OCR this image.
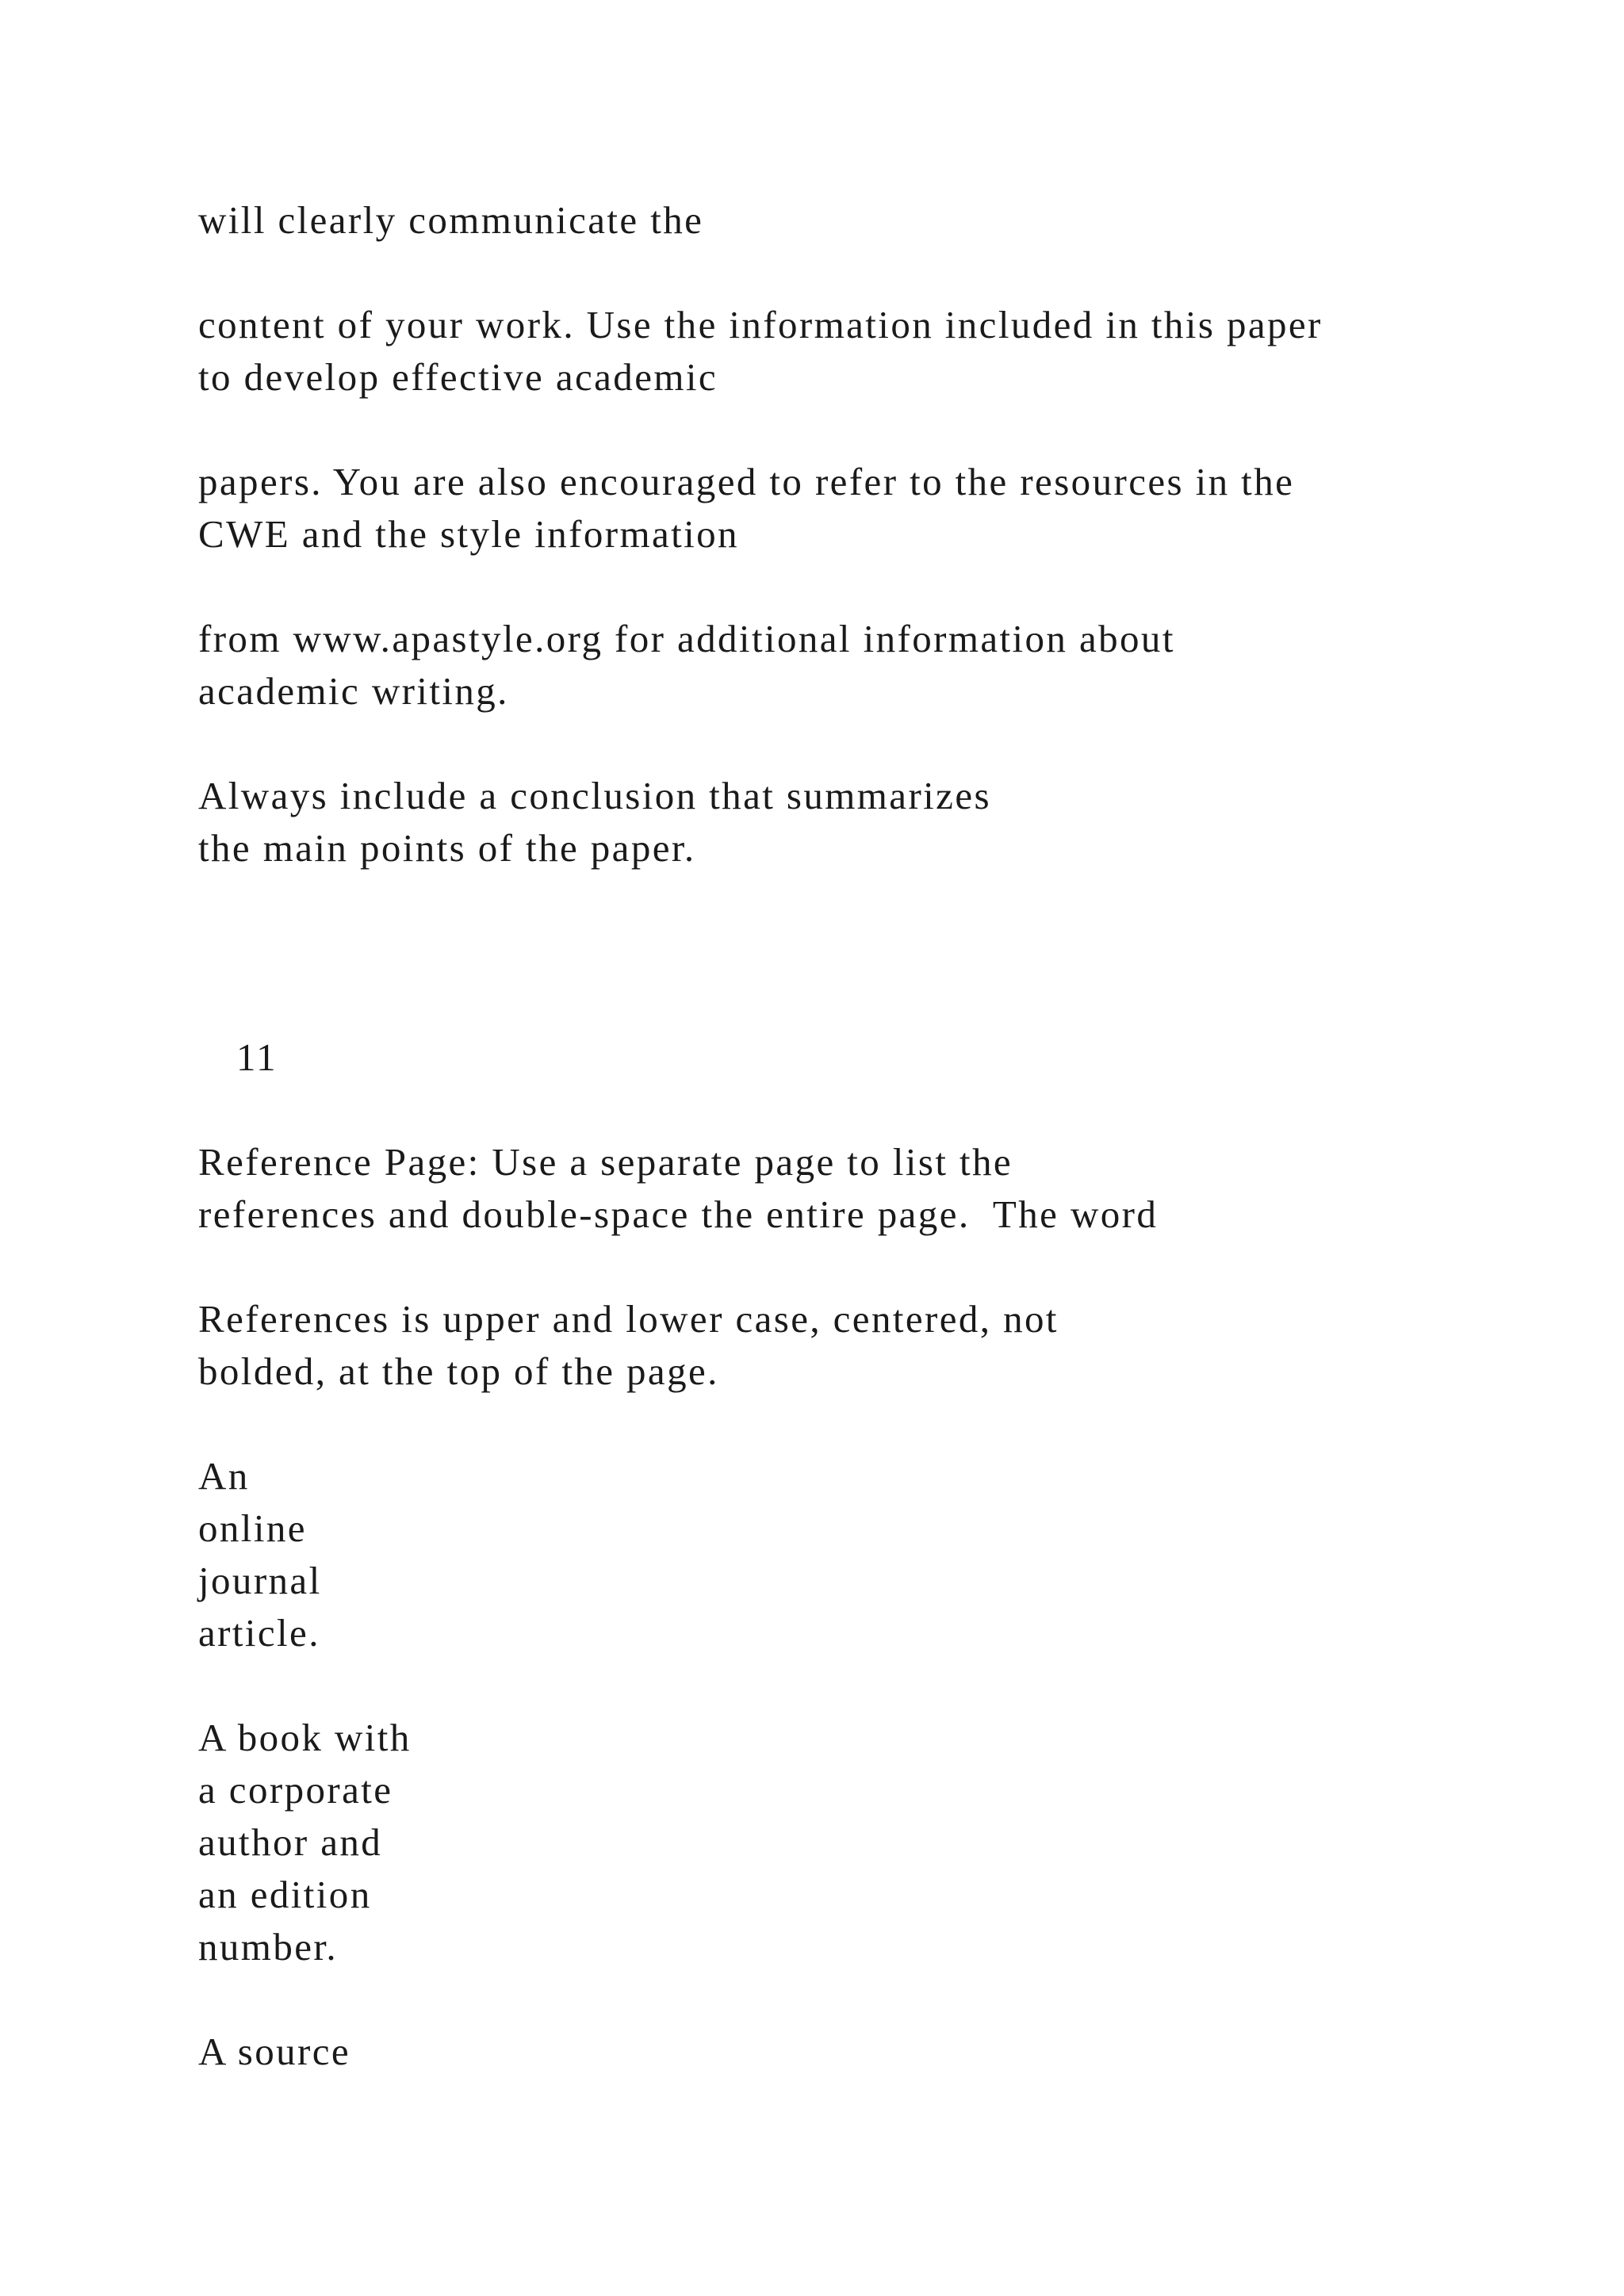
will clearly communicate the

content of your work. Use the information included in this paper

to develop effective academic

papers. You are also encouraged to refer to the resources in the

CWE and the style information

from www.apastyle.org for additional information about

academic writing.

Always include a conclusion that summarizes

the main points of the paper.

11

Reference Page: Use a separate page to list the

references and double-space the entire page.  The word

References is upper and lower case, centered, not

bolded, at the top of the page.

An

online

journal

article.

A book with

a corporate

author and

an edition

number.

A source
